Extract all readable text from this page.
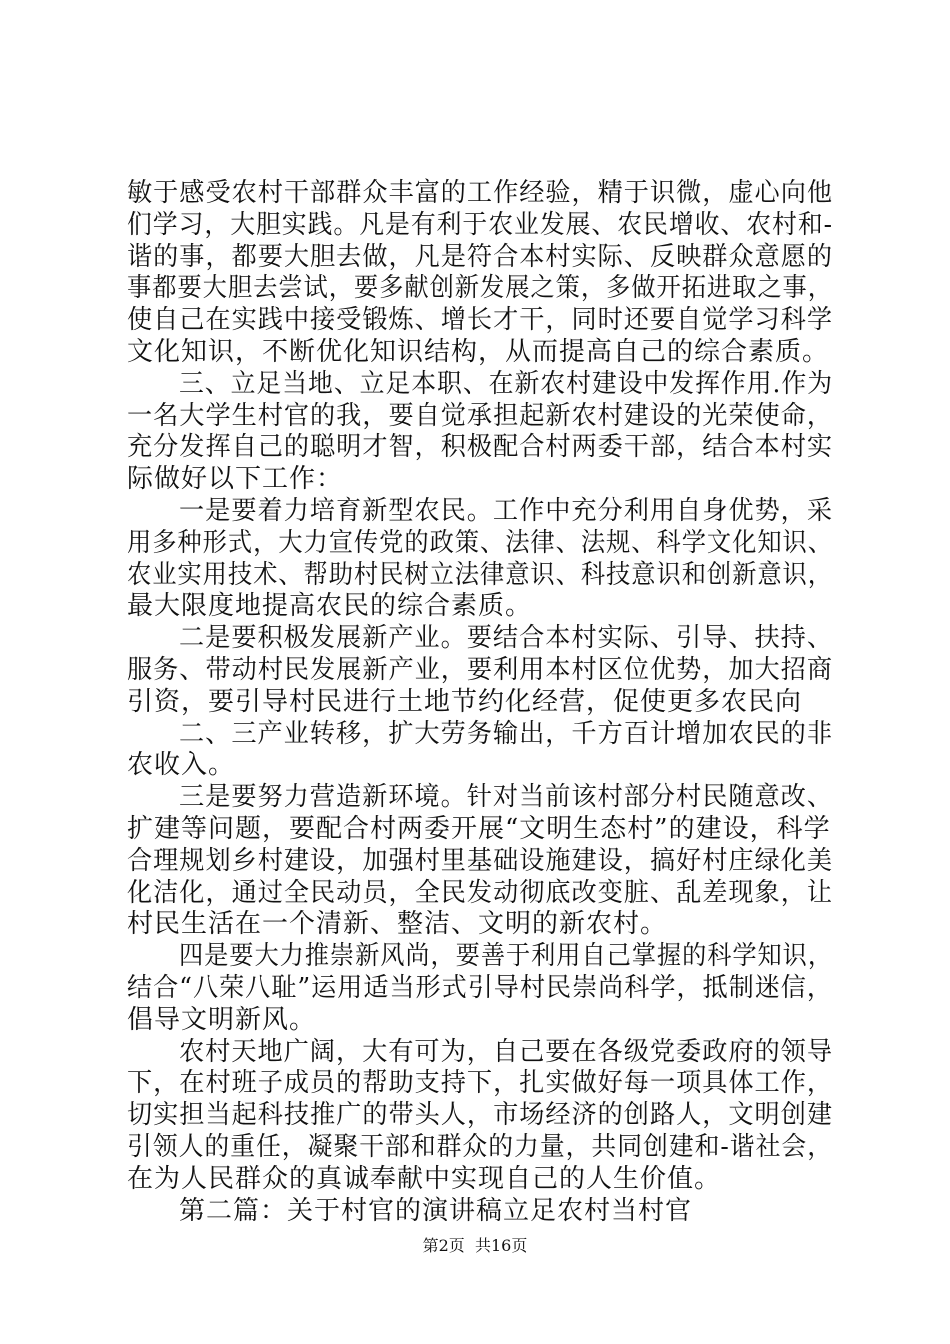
敏于感受农村干部群众丰富的工作经验，精于识微，虚心向他
们学习，大胆实践。凡是有利于农业发展、农民增收、农村和-
谐的事，都要大胆去做，凡是符合本村实际、反映群众意愿的
事都要大胆去尝试，要多献创新发展之策，多做开拓进取之事，
使自己在实践中接受锻炼、增长才干，同时还要自觉学习科学
文化知识，不断优化知识结构，从而提高自己的综合素质。
三、立足当地、立足本职、在新农村建设中发挥作用.作为
一名大学生村官的我，要自觉承担起新农村建设的光荣使命，
充分发挥自己的聪明才智，积极配合村两委干部，结合本村实
际做好以下工作：
一是要着力培育新型农民。工作中充分利用自身优势，采
用多种形式，大力宣传党的政策、法律、法规、科学文化知识、
农业实用技术、帮助村民树立法律意识、科技意识和创新意识，
最大限度地提高农民的综合素质。
二是要积极发展新产业。要结合本村实际、引导、扶持、
服务、带动村民发展新产业，要利用本村区位优势，加大招商
引资，要引导村民进行土地节约化经营，促使更多农民向
二、三产业转移，扩大劳务输出，千方百计增加农民的非
农收入。
三是要努力营造新环境。针对当前该村部分村民随意改、
扩建等问题，要配合村两委开展“文明生态村”的建设，科学
合理规划乡村建设，加强村里基础设施建设，搞好村庄绿化美
化洁化，通过全民动员，全民发动彻底改变脏、乱差现象，让
村民生活在一个清新、整洁、文明的新农村。
四是要大力推崇新风尚，要善于利用自己掌握的科学知识，
结合“八荣八耻”运用适当形式引导村民崇尚科学，抵制迷信，
倡导文明新风。
农村天地广阔，大有可为，自己要在各级党委政府的领导
下，在村班子成员的帮助支持下，扎实做好每一项具体工作，
切实担当起科技推广的带头人，市场经济的创路人，文明创建
引领人的重任，凝聚干部和群众的力量，共同创建和-谐社会，
在为人民群众的真诚奉献中实现自己的人生价值。
第二篇：关于村官的演讲稿立足农村当村官
第2页 共16页
